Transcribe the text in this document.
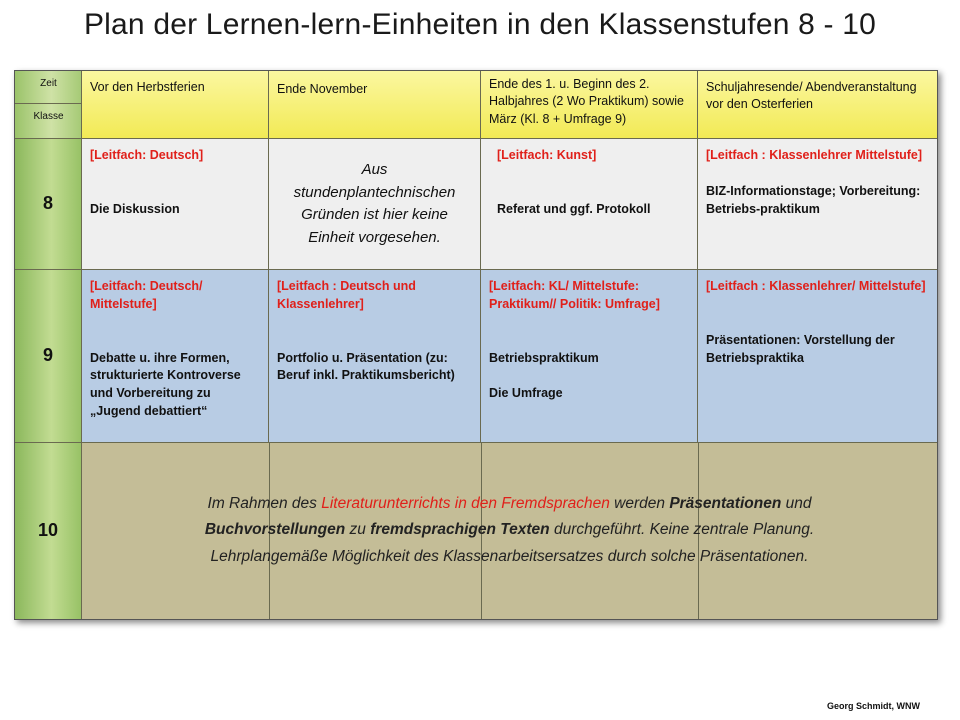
Plan der Lernen-lern-Einheiten in den Klassenstufen 8 - 10
Zeit
Klasse
Vor den Herbstferien	Ende November	Ende des 1. u. Beginn des 2. Halbjahres (2 Wo Praktikum) sowie März (Kl. 8 + Umfrage 9)
Schuljahresende/ Abendveranstaltung vor den Osterferien
8
[Leitfach: Deutsch]
Die Diskussion
Aus stundenplantechnischen Gründen ist hier keine Einheit vorgesehen.
[Leitfach: Kunst]
Referat und ggf. Protokoll
[Leitfach : Klassenlehrer Mittelstufe]
BIZ-Informationstage; Vorbereitung: Betriebs-praktikum
9
[Leitfach: Deutsch/ Mittelstufe]
Debatte u. ihre Formen, strukturierte Kontroverse und Vorbereitung zu „Jugend debattiert“
[Leitfach : Deutsch und Klassenlehrer]
Portfolio u. Präsentation (zu: Beruf inkl. Praktikumsbericht)
[Leitfach: KL/ Mittelstufe: Praktikum// Politik: Umfrage]
Betriebspraktikum
Die Umfrage
[Leitfach : Klassenlehrer/ Mittelstufe]
Präsentationen: Vorstellung der Betriebspraktika
10
Im Rahmen des Literaturunterrichts in den Fremdsprachen werden Präsentationen und
Buchvorstellungen zu fremdsprachigen Texten durchgeführt. Keine zentrale Planung.
Lehrplangemäße Möglichkeit des Klassenarbeitsersatzes durch solche Präsentationen.
Georg Schmidt, WNW
